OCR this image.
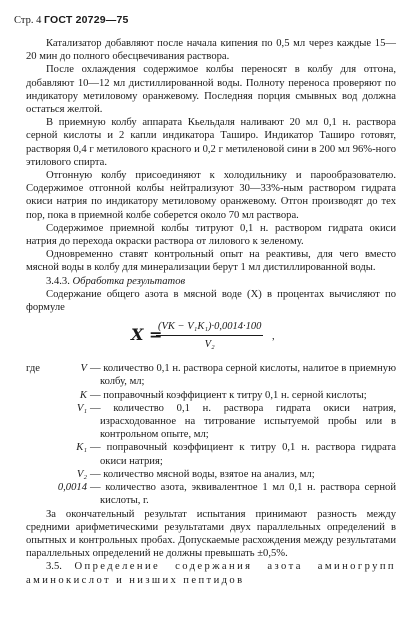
Стр. 4 ГОСТ 20729—75

Катализатор добавляют после начала кипения по 0,5 мл через каждые 15—20 мин до полного обесцвечивания раствора.

После охлаждения содержимое колбы переносят в колбу для отгона, добавляют 10—12 мл дистиллированной воды. Полноту переноса проверяют по индикатору метиловому оранжевому. Последняя порция смывных вод должна остаться желтой.

В приемную колбу аппарата Кьельдаля наливают 20 мл 0,1 н. раствора серной кислоты и 2 капли индикатора Таширо. Индикатор Таширо готовят, растворяя 0,4 г метилового красного и 0,2 г метиленовой сини в 200 мл 96%-ного этилового спирта.

Отгонную колбу присоединяют к холодильнику и парообразователю. Содержимое отгонной колбы нейтрализуют 30—33%-ным раствором гидрата окиси натрия по индикатору метиловому оранжевому. Отгон производят до тех пор, пока в приемной колбе соберется около 70 мл раствора.

Содержимое приемной колбы титруют 0,1 н. раствором гидрата окиси натрия до перехода окраски раствора от лилового к зеленому.

Одновременно ставят контрольный опыт на реактивы, для чего вместо мясной воды в колбу для минерализации берут 1 мл дистиллированной воды.

3.4.3. Обработка результатов

Содержание общего азота в мясной воде (X) в процентах вычисляют по формуле

X =
$\frac{\text{(VK − V₁K₁)·0,0014·100}}{\text{V₂}}$ ,
где	V — количество 0,1 н. раствора серной кислоты, налитое в приемную колбу, мл;
K — поправочный коэффициент к титру 0,1 н. серной кислоты;
V₁ — количество 0,1 н. раствора гидрата окиси натрия, израсходованное на титрование испытуемой пробы или в контрольном опыте, мл;
K₁ — поправочный коэффициент к титру 0,1 н. раствора гидрата окиси натрия;
V₂ — количество мясной воды, взятое на анализ, мл;
0,0014 — количество азота, эквивалентное 1 мл 0,1 н. раствора серной кислоты, г.

За окончательный результат испытания принимают разность между средними арифметическими результатами двух параллельных определений в опытных и контрольных пробах. Допускаемые расхождения между результатами параллельных определений не должны превышать ±0,5%.

3.5. Определение содержания азота аминогрупп аминокислот и низших пептидов
